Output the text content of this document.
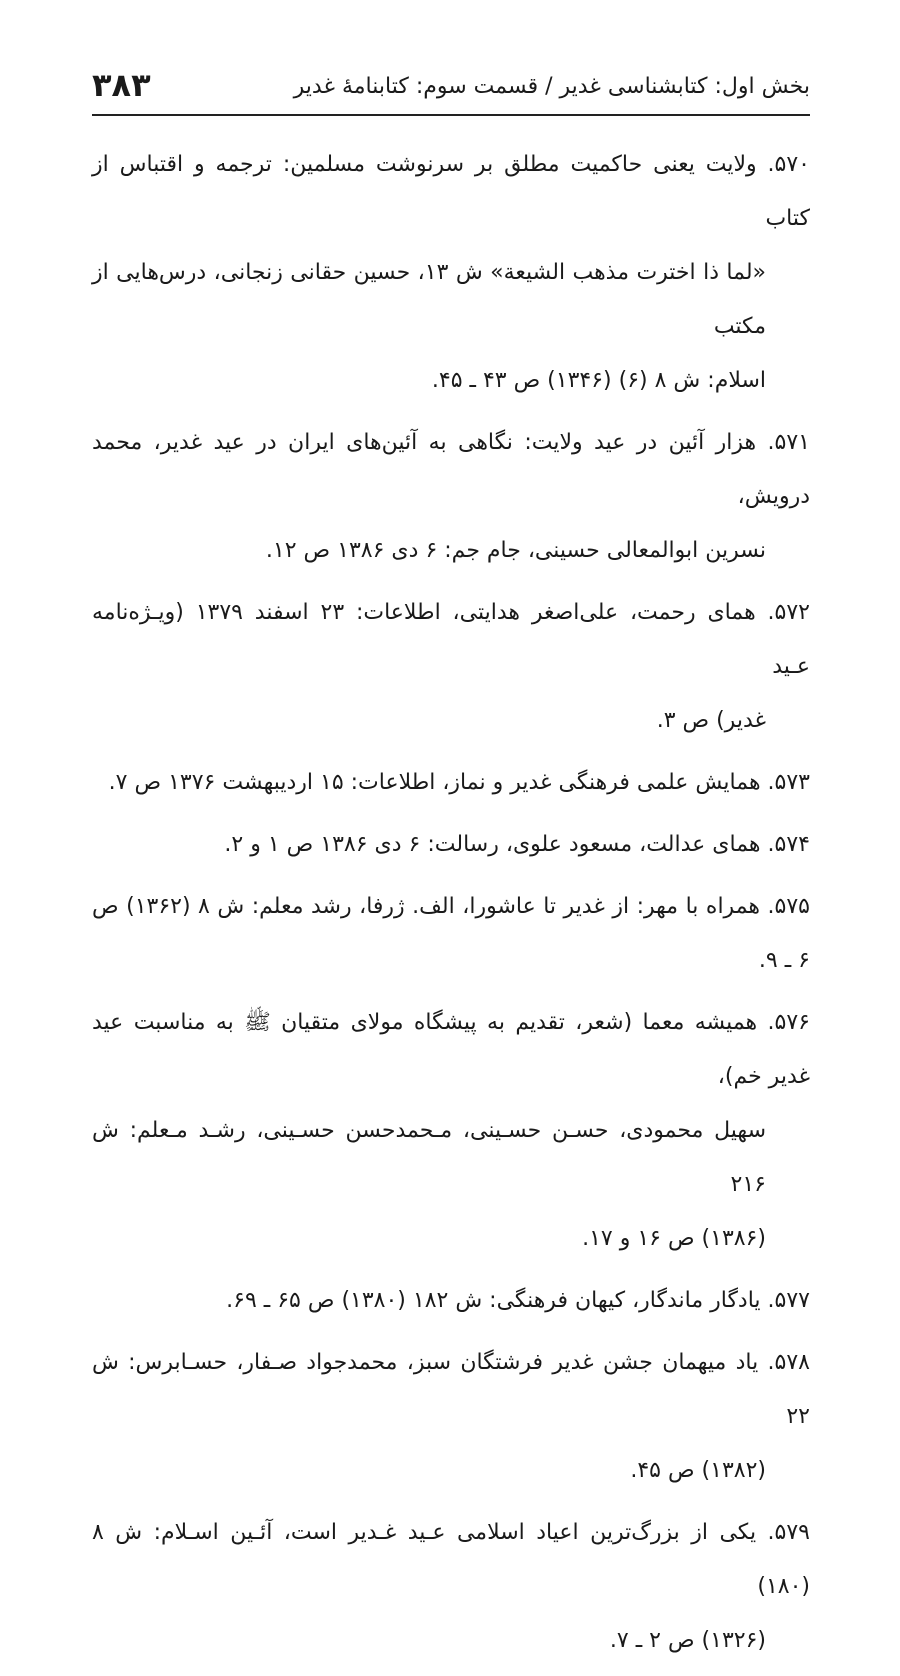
بخش اول: کتابشناسی غدیر / قسمت سوم: کتابنامهٔ غدیر
۳۸۳
۵۷۰. ولایت یعنی حاکمیت مطلق بر سرنوشت مسلمین: ترجمه و اقتباس از کتاب
«لما ذا اخترت مذهب الشیعة» ش ۱۳، حسین حقانی زنجانی، درس‌هایی از مکتب
اسلام: ش ۸ (۶) (۱۳۴۶) ص ۴۳ ـ ۴۵.
۵۷۱. هزار آئین در عید ولایت: نگاهی به آئین‌های ایران در عید غدیر، محمد درویش،
نسرین ابوالمعالی حسینی، جام جم: ۶ دی ۱۳۸۶ ص ۱۲.
۵۷۲. همای رحمت، علی‌اصغر هدایتی، اطلاعات: ۲۳ اسفند ۱۳۷۹ (ویـژه‌نامه عـید
غدیر) ص ۳.
۵۷۳. همایش علمی فرهنگی غدیر و نماز، اطلاعات: ۱۵ اردیبهشت ۱۳۷۶ ص ۷.
۵۷۴. همای عدالت، مسعود علوی، رسالت: ۶ دی ۱۳۸۶ ص ۱ و ۲.
۵۷۵. همراه با مهر: از غدیر تا عاشورا، الف. ژرفا، رشد معلم: ش ۸ (۱۳۶۲) ص ۶ ـ ۹.
۵۷۶. همیشه معما (شعر، تقدیم به پیشگاه مولای متقیان ﷺ به مناسبت عید غدیر خم)،
سهیل محمودی، حسـن حسـینی، مـحمدحسن حسـینی، رشـد مـعلم: ش ۲۱۶
(۱۳۸۶) ص ۱۶ و ۱۷.
۵۷۷. یادگار ماندگار، کیهان فرهنگی: ش ۱۸۲ (۱۳۸۰) ص ۶۵ ـ ۶۹.
۵۷۸. یاد میهمان جشن غدیر فرشتگان سبز، محمدجواد صـفار، حسـابرس: ش ۲۲
(۱۳۸۲) ص ۴۵.
۵۷۹. یکی از بزرگ‌ترین اعیاد اسلامی عـید غـدیر است، آئـین اسـلام: ش ۸ (۱۸۰)
(۱۳۲۶) ص ۲ ـ ۷.
